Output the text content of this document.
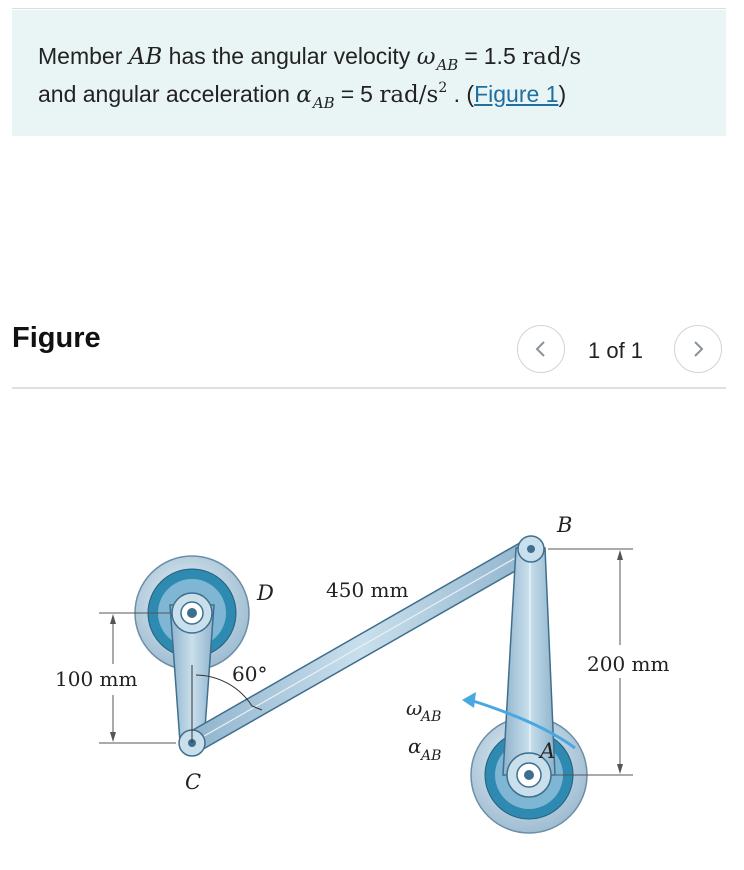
Member AB has the angular velocity $\omega_{AB} = 1.5$ rad/s
and angular acceleration $\alpha_{AB} = 5$ rad/$s^2$ . (Figure 1)
Figure	1 of 1
60°
100 mm
200 mm
450 mm
B
D
C
A
ω
AB
α AB
